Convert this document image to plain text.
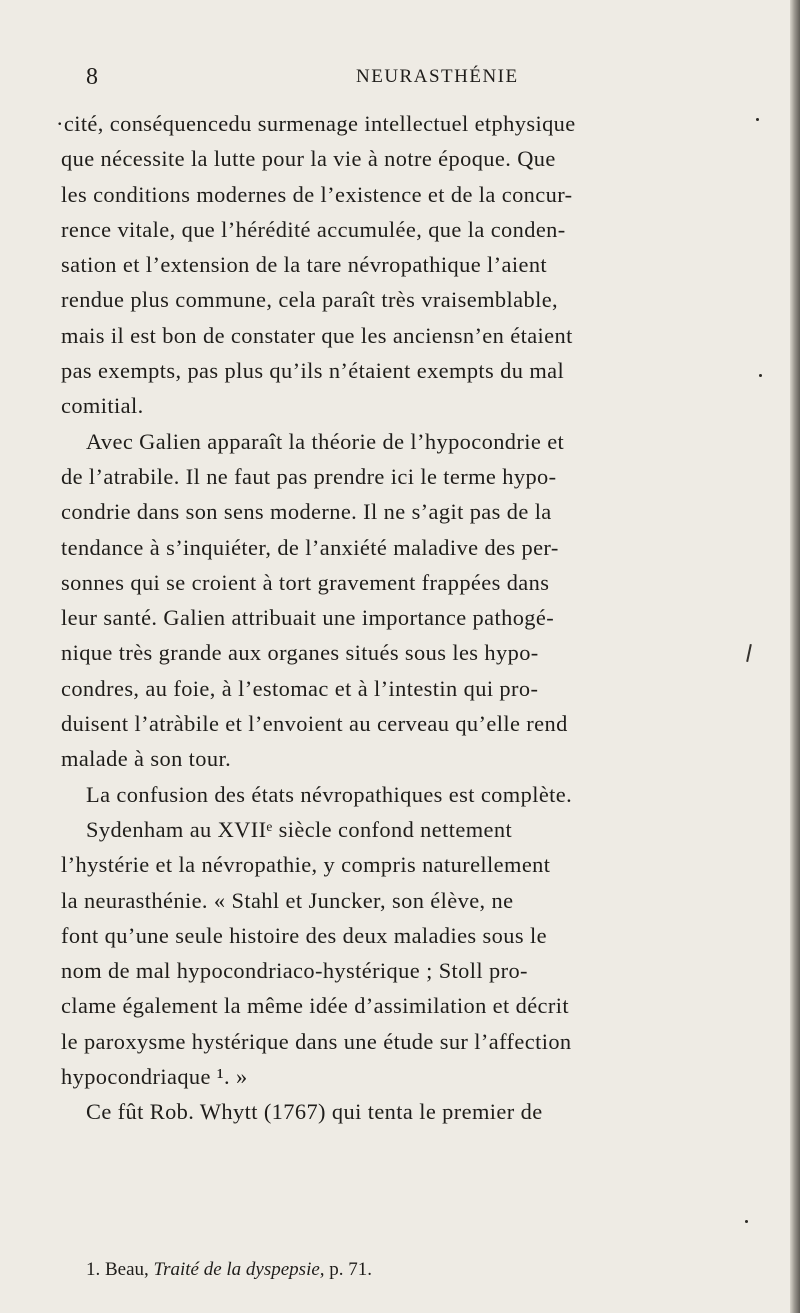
8	NEURASTHÉNIE
·cité, conséquencedu surmenage intellectuel etphysique
que nécessite la lutte pour la vie à notre époque. Que
les conditions modernes de l’existence et de la concur-
rence vitale, que l’hérédité accumulée, que la conden-
sation et l’extension de la tare névropathique l’aient
rendue plus commune, cela paraît très vraisemblable,
mais il est bon de constater que les anciensn’en étaient
pas exempts, pas plus qu’ils n’étaient exempts du mal
comitial.
Avec Galien apparaît la théorie de l’hypocondrie et
de l’atrabile. Il ne faut pas prendre ici le terme hypo-
condrie dans son sens moderne. Il ne s’agit pas de la
tendance à s’inquiéter, de l’anxiété maladive des per-
sonnes qui se croient à tort gravement frappées dans
leur santé. Galien attribuait une importance pathogé-
nique très grande aux organes situés sous les hypo-
condres, au foie, à l’estomac et à l’intestin qui pro-
duisent l’atràbile et l’envoient au cerveau qu’elle rend
malade à son tour.
La confusion des états névropathiques est complète.
Sydenham au XVIIᵉ siècle confond nettement
l’hystérie et la névropathie, y compris naturellement
la neurasthénie. « Stahl et Juncker, son élève, ne
font qu’une seule histoire des deux maladies sous le
nom de mal hypocondriaco-hystérique ; Stoll pro-
clame également la même idée d’assimilation et décrit
le paroxysme hystérique dans une étude sur l’affection
hypocondriaque ¹. »
Ce fût Rob. Whytt (1767) qui tenta le premier de
1. Beau, Traité de la dyspepsie, p. 71.
